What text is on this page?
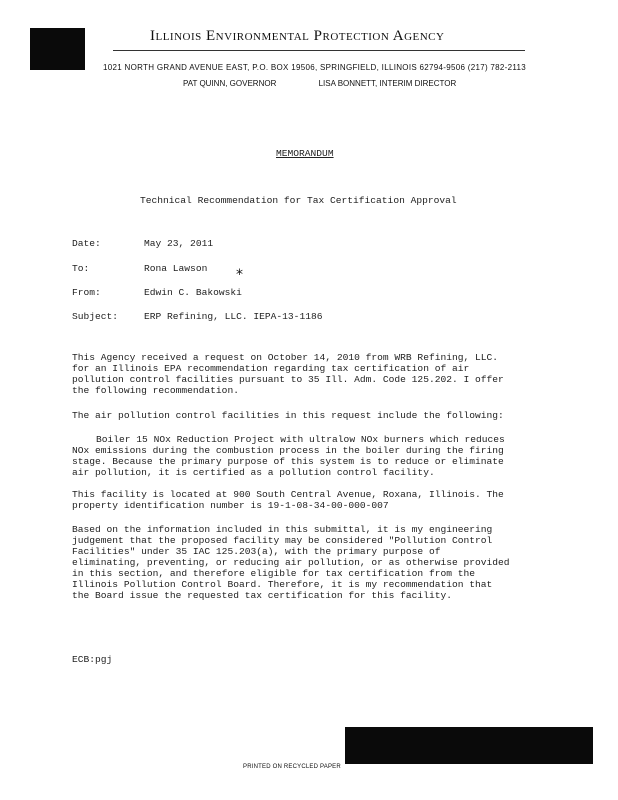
Illinois Environmental Protection Agency
1021 NORTH GRAND AVENUE EAST, P.O. BOX 19506, SPRINGFIELD, ILLINOIS 62794-9506 (217) 782-2113
PAT QUINN, GOVERNOR	LISA BONNETT, INTERIM DIRECTOR
MEMORANDUM
Technical Recommendation for Tax Certification Approval
Date:	May 23, 2011
To:	Rona Lawson *
From:	Edwin C. Bakowski
Subject:	ERP Refining, LLC. IEPA-13-1186
This Agency received a request on October 14, 2010 from WRB Refining, LLC. for an Illinois EPA recommendation regarding tax certification of air pollution control facilities pursuant to 35 Ill. Adm. Code 125.202. I offer the following recommendation.
The air pollution control facilities in this request include the following:
Boiler 15 NOx Reduction Project with ultralow NOx burners which reduces NOx emissions during the combustion process in the boiler during the firing stage. Because the primary purpose of this system is to reduce or eliminate air pollution, it is certified as a pollution control facility.
This facility is located at 900 South Central Avenue, Roxana, Illinois. The property identification number is 19-1-08-34-00-000-007
Based on the information included in this submittal, it is my engineering judgement that the proposed facility may be considered "Pollution Control Facilities" under 35 IAC 125.203(a), with the primary purpose of eliminating, preventing, or reducing air pollution, or as otherwise provided in this section, and therefore eligible for tax certification from the Illinois Pollution Control Board. Therefore, it is my recommendation that the Board issue the requested tax certification for this facility.
ECB:pgj
PRINTED ON RECYCLED PAPER
